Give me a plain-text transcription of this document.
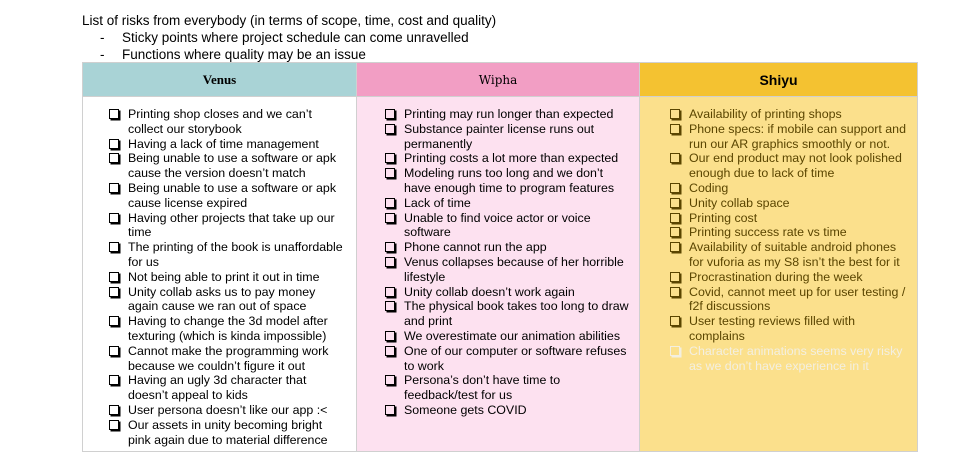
List of risks from everybody (in terms of scope, time, cost and quality)
- Sticky points where project schedule can come unravelled
- Functions where quality may be an issue
Venus
Printing shop closes and we can’t collect our storybook
Having a lack of time management
Being unable to use a software or apk cause the version doesn’t match
Being unable to use a software or apk cause license expired
Having other projects that take up our time
The printing of the book is unaffordable for us
Not being able to print it out in time
Unity collab asks us to pay money again cause we ran out of space
Having to change the 3d model after texturing (which is kinda impossible)
Cannot make the programming work because we couldn’t figure it out
Having an ugly 3d character that doesn’t appeal to kids
User persona doesn’t like our app :<
Our assets in unity becoming bright pink again due to material difference
Wipha
Printing may run longer than expected
Substance painter license runs out permanently
Printing costs a lot more than expected
Modeling runs too long and we don’t have enough time to program features
Lack of time
Unable to find voice actor or voice software
Phone cannot run the app
Venus collapses because of her horrible lifestyle
Unity collab doesn’t work again
The physical book takes too long to draw and print
We overestimate our animation abilities
One of our computer or software refuses to work
Persona’s don’t have time to feedback/test for us
Someone gets COVID
Shiyu
Availability of printing shops
Phone specs: if mobile can support and run our AR graphics smoothly or not.
Our end product may not look polished enough due to lack of time
Coding
Unity collab space
Printing cost
Printing success rate vs time
Availability of suitable android phones for vuforia as my S8 isn’t the best for it
Procrastination during the week
Covid, cannot meet up for user testing / f2f discussions
User testing reviews filled with complains
Character animations seems very risky as we don’t have experience in it
